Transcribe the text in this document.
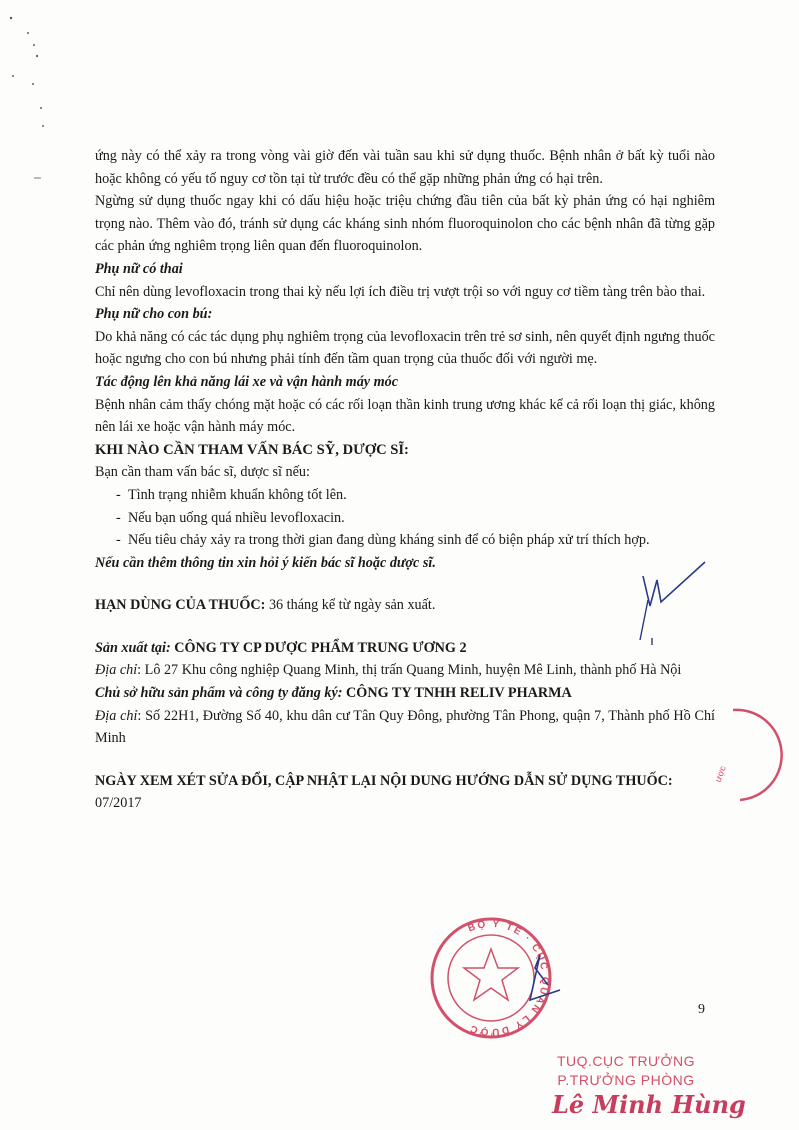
ứng này có thể xảy ra trong vòng vài giờ đến vài tuần sau khi sử dụng thuốc. Bệnh nhân ở bất kỳ tuổi nào hoặc không có yếu tố nguy cơ tồn tại từ trước đều có thể gặp những phản ứng có hại trên.

Ngừng sử dụng thuốc ngay khi có dấu hiệu hoặc triệu chứng đầu tiên của bất kỳ phản ứng có hại nghiêm trọng nào. Thêm vào đó, tránh sử dụng các kháng sinh nhóm fluoroquinolon cho các bệnh nhân đã từng gặp các phản ứng nghiêm trọng liên quan đến fluoroquinolon.

Phụ nữ có thai

Chỉ nên dùng levofloxacin trong thai kỳ nếu lợi ích điều trị vượt trội so với nguy cơ tiềm tàng trên bào thai.

Phụ nữ cho con bú:

Do khả năng có các tác dụng phụ nghiêm trọng của levofloxacin trên trẻ sơ sinh, nên quyết định ngưng thuốc hoặc ngưng cho con bú nhưng phải tính đến tầm quan trọng của thuốc đối với người mẹ.

Tác động lên khả năng lái xe và vận hành máy móc

Bệnh nhân cảm thấy chóng mặt hoặc có các rối loạn thần kinh trung ương khác kể cả rối loạn thị giác, không nên lái xe hoặc vận hành máy móc.

KHI NÀO CẦN THAM VẤN BÁC SỸ, DƯỢC SĨ:

Bạn cần tham vấn bác sĩ, dược sĩ nếu:

- Tình trạng nhiễm khuẩn không tốt lên.
- Nếu bạn uống quá nhiều levofloxacin.
- Nếu tiêu chảy xảy ra trong thời gian đang dùng kháng sinh để có biện pháp xử trí thích hợp.

Nếu cần thêm thông tin xin hỏi ý kiến bác sĩ hoặc dược sĩ.

HẠN DÙNG CỦA THUỐC: 36 tháng kể từ ngày sản xuất.

Sản xuất tại: CÔNG TY CP DƯỢC PHẨM TRUNG ƯƠNG 2

Địa chỉ: Lô 27 Khu công nghiệp Quang Minh, thị trấn Quang Minh, huyện Mê Linh, thành phố Hà Nội

Chủ sở hữu sản phẩm và công ty đăng ký: CÔNG TY TNHH RELIV PHARMA

Địa chỉ: Số 22H1, Đường Số 40, khu dân cư Tân Quy Đông, phường Tân Phong, quận 7, Thành phố Hồ Chí Minh

NGÀY XEM XÉT SỬA ĐỔI, CẬP NHẬT LẠI NỘI DUNG HƯỚNG DẪN SỬ DỤNG THUỐC: 07/2017

ược
BỘ Y TẾ · CỤC QUẢN LÝ DƯỢC
9
TUQ.CỤC TRƯỞNG
P.TRƯỞNG PHÒNG
Lê Minh Hùng
